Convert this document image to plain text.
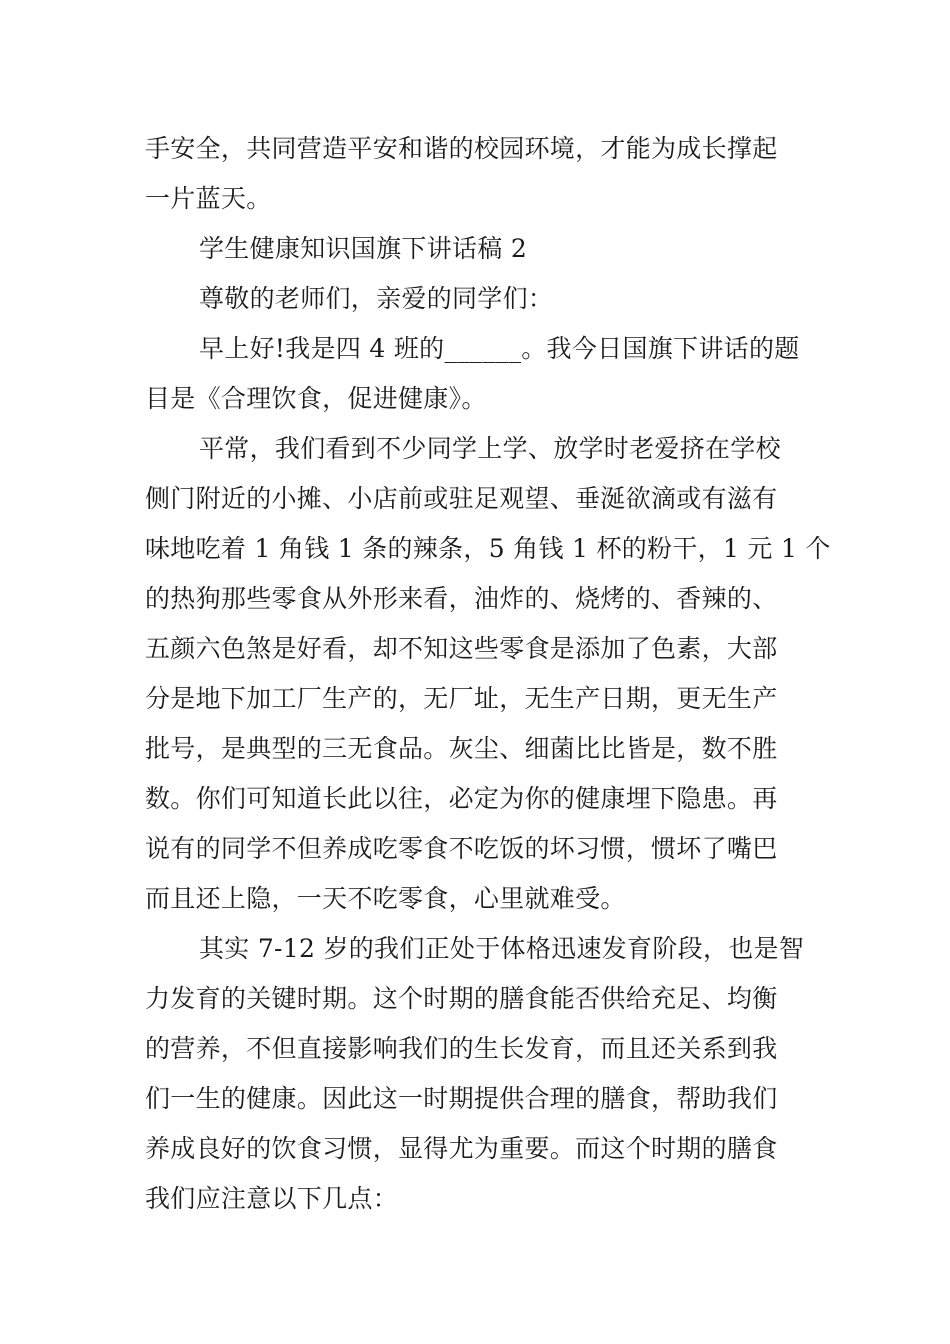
手安全，共同营造平安和谐的校园环境，才能为成长撑起
一片蓝天。
学生健康知识国旗下讲话稿 2
尊敬的老师们，亲爱的同学们：
早上好!我是四 4 班的______。我今日国旗下讲话的题
目是《合理饮食，促进健康》。
平常，我们看到不少同学上学、放学时老爱挤在学校
侧门附近的小摊、小店前或驻足观望、垂涎欲滴或有滋有
味地吃着 1 角钱 1 条的辣条，5 角钱 1 杯的粉干，1 元 1 个
的热狗那些零食从外形来看，油炸的、烧烤的、香辣的、
五颜六色煞是好看，却不知这些零食是添加了色素，大部
分是地下加工厂生产的，无厂址，无生产日期，更无生产
批号，是典型的三无食品。灰尘、细菌比比皆是，数不胜
数。你们可知道长此以往，必定为你的健康埋下隐患。再
说有的同学不但养成吃零食不吃饭的坏习惯，惯坏了嘴巴
而且还上隐，一天不吃零食，心里就难受。
其实 7-12 岁的我们正处于体格迅速发育阶段，也是智
力发育的关键时期。这个时期的膳食能否供给充足、均衡
的营养，不但直接影响我们的生长发育，而且还关系到我
们一生的健康。因此这一时期提供合理的膳食，帮助我们
养成良好的饮食习惯，显得尤为重要。而这个时期的膳食
我们应注意以下几点：
